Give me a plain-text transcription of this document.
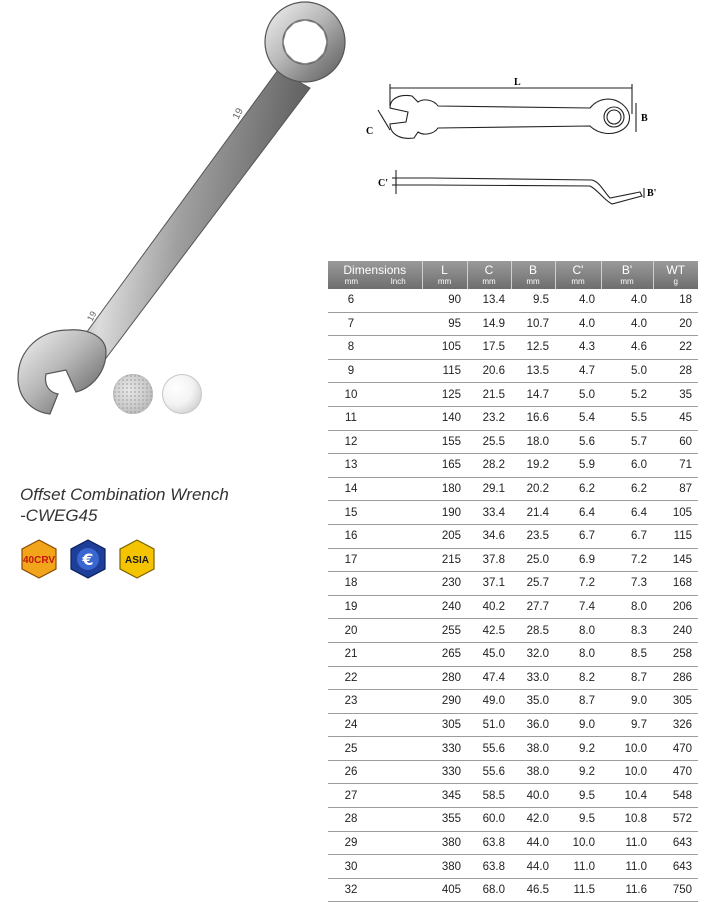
19
19
L
B
C
C'
B'
Offset Combination Wrench
-CWEG45
40CRV €	ASIA
Dimensions
mm Inch		L
mm	C
mm	B
mm	C'
mm	B'
mm	WT
g

6		90	13.4	9.5	4.0	4.0	18
7		95	14.9	10.7	4.0	4.0	20
8		105	17.5	12.5	4.3	4.6	22
9		115	20.6	13.5	4.7	5.0	28
10		125	21.5	14.7	5.0	5.2	35
11		140	23.2	16.6	5.4	5.5	45
12		155	25.5	18.0	5.6	5.7	60
13		165	28.2	19.2	5.9	6.0	71
14		180	29.1	20.2	6.2	6.2	87
15		190	33.4	21.4	6.4	6.4	105
16		205	34.6	23.5	6.7	6.7	115
17		215	37.8	25.0	6.9	7.2	145
18		230	37.1	25.7	7.2	7.3	168
19		240	40.2	27.7	7.4	8.0	206
20		255	42.5	28.5	8.0	8.3	240
21		265	45.0	32.0	8.0	8.5	258
22		280	47.4	33.0	8.2	8.7	286
23		290	49.0	35.0	8.7	9.0	305
24		305	51.0	36.0	9.0	9.7	326
25		330	55.6	38.0	9.2	10.0	470
26		330	55.6	38.0	9.2	10.0	470
27		345	58.5	40.0	9.5	10.4	548
28		355	60.0	42.0	9.5	10.8	572
29		380	63.8	44.0	10.0	11.0	643
30		380	63.8	44.0	11.0	11.0	643
32		405	68.0	46.5	11.5	11.6	750
